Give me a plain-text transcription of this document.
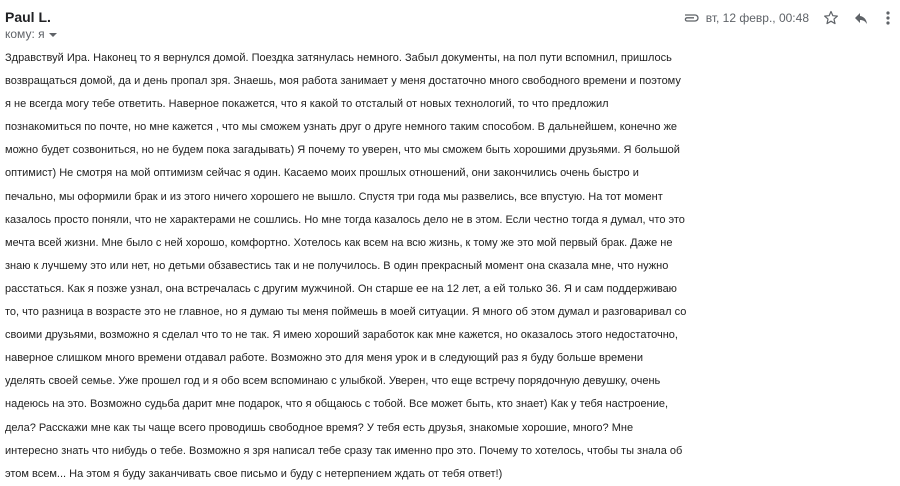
Paul L.
кому: я
вт, 12 февр., 00:48
Здравствуй Ира. Наконец то я вернулся домой. Поездка затянулась немного. Забыл документы, на пол пути вспомнил, пришлось
возвращаться домой, да и день пропал зря. Знаешь, моя работа занимает у меня достаточно много свободного времени и поэтому
я не всегда могу тебе ответить. Наверное покажется, что я какой то отсталый от новых технологий, то что предложил
познакомиться по почте, но мне кажется , что мы сможем узнать друг о друге немного таким способом. В дальнейшем, конечно же
можно будет созвониться, но не будем пока загадывать) Я почему то уверен, что мы сможем быть хорошими друзьями. Я большой
оптимист) Не смотря на мой оптимизм сейчас я один. Касаемо моих прошлых отношений, они закончились очень быстро и
печально, мы оформили брак и из этого ничего хорошего не вышло. Спустя три года мы развелись, все впустую. На тот момент
казалось просто поняли, что не характерами не сошлись. Но мне тогда казалось дело не в этом. Если честно тогда я думал, что это
мечта всей жизни. Мне было с ней хорошо, комфортно. Хотелось как всем на всю жизнь, к тому же это мой первый брак. Даже не
знаю к лучшему это или нет, но детьми обзавестись так и не получилось. В один прекрасный момент она сказала мне, что нужно
расстаться. Как я позже узнал, она встречалась с другим мужчиной. Он старше ее на 12 лет, а ей только 36. Я и сам поддерживаю
то, что разница в возрасте это не главное, но я думаю ты меня поймешь в моей ситуации. Я много об этом думал и разговаривал со
своими друзьями, возможно я сделал что то не так. Я имею хороший заработок как мне кажется, но оказалось этого недостаточно,
наверное слишком много времени отдавал работе. Возможно это для меня урок и в следующий раз я буду больше времени
уделять своей семье. Уже прошел год и я обо всем вспоминаю с улыбкой. Уверен, что еще встречу порядочную девушку, очень
надеюсь на это. Возможно судьба дарит мне подарок, что я общаюсь с тобой. Все может быть, кто знает) Как у тебя настроение,
дела? Расскажи мне как ты чаще всего проводишь свободное время? У тебя есть друзья, знакомые хорошие, много? Мне
интересно знать что нибудь о тебе. Возможно я зря написал тебе сразу так именно про это. Почему то хотелось, чтобы ты знала об
этом всем... На этом я буду заканчивать свое письмо и буду с нетерпением ждать от тебя ответ!)
